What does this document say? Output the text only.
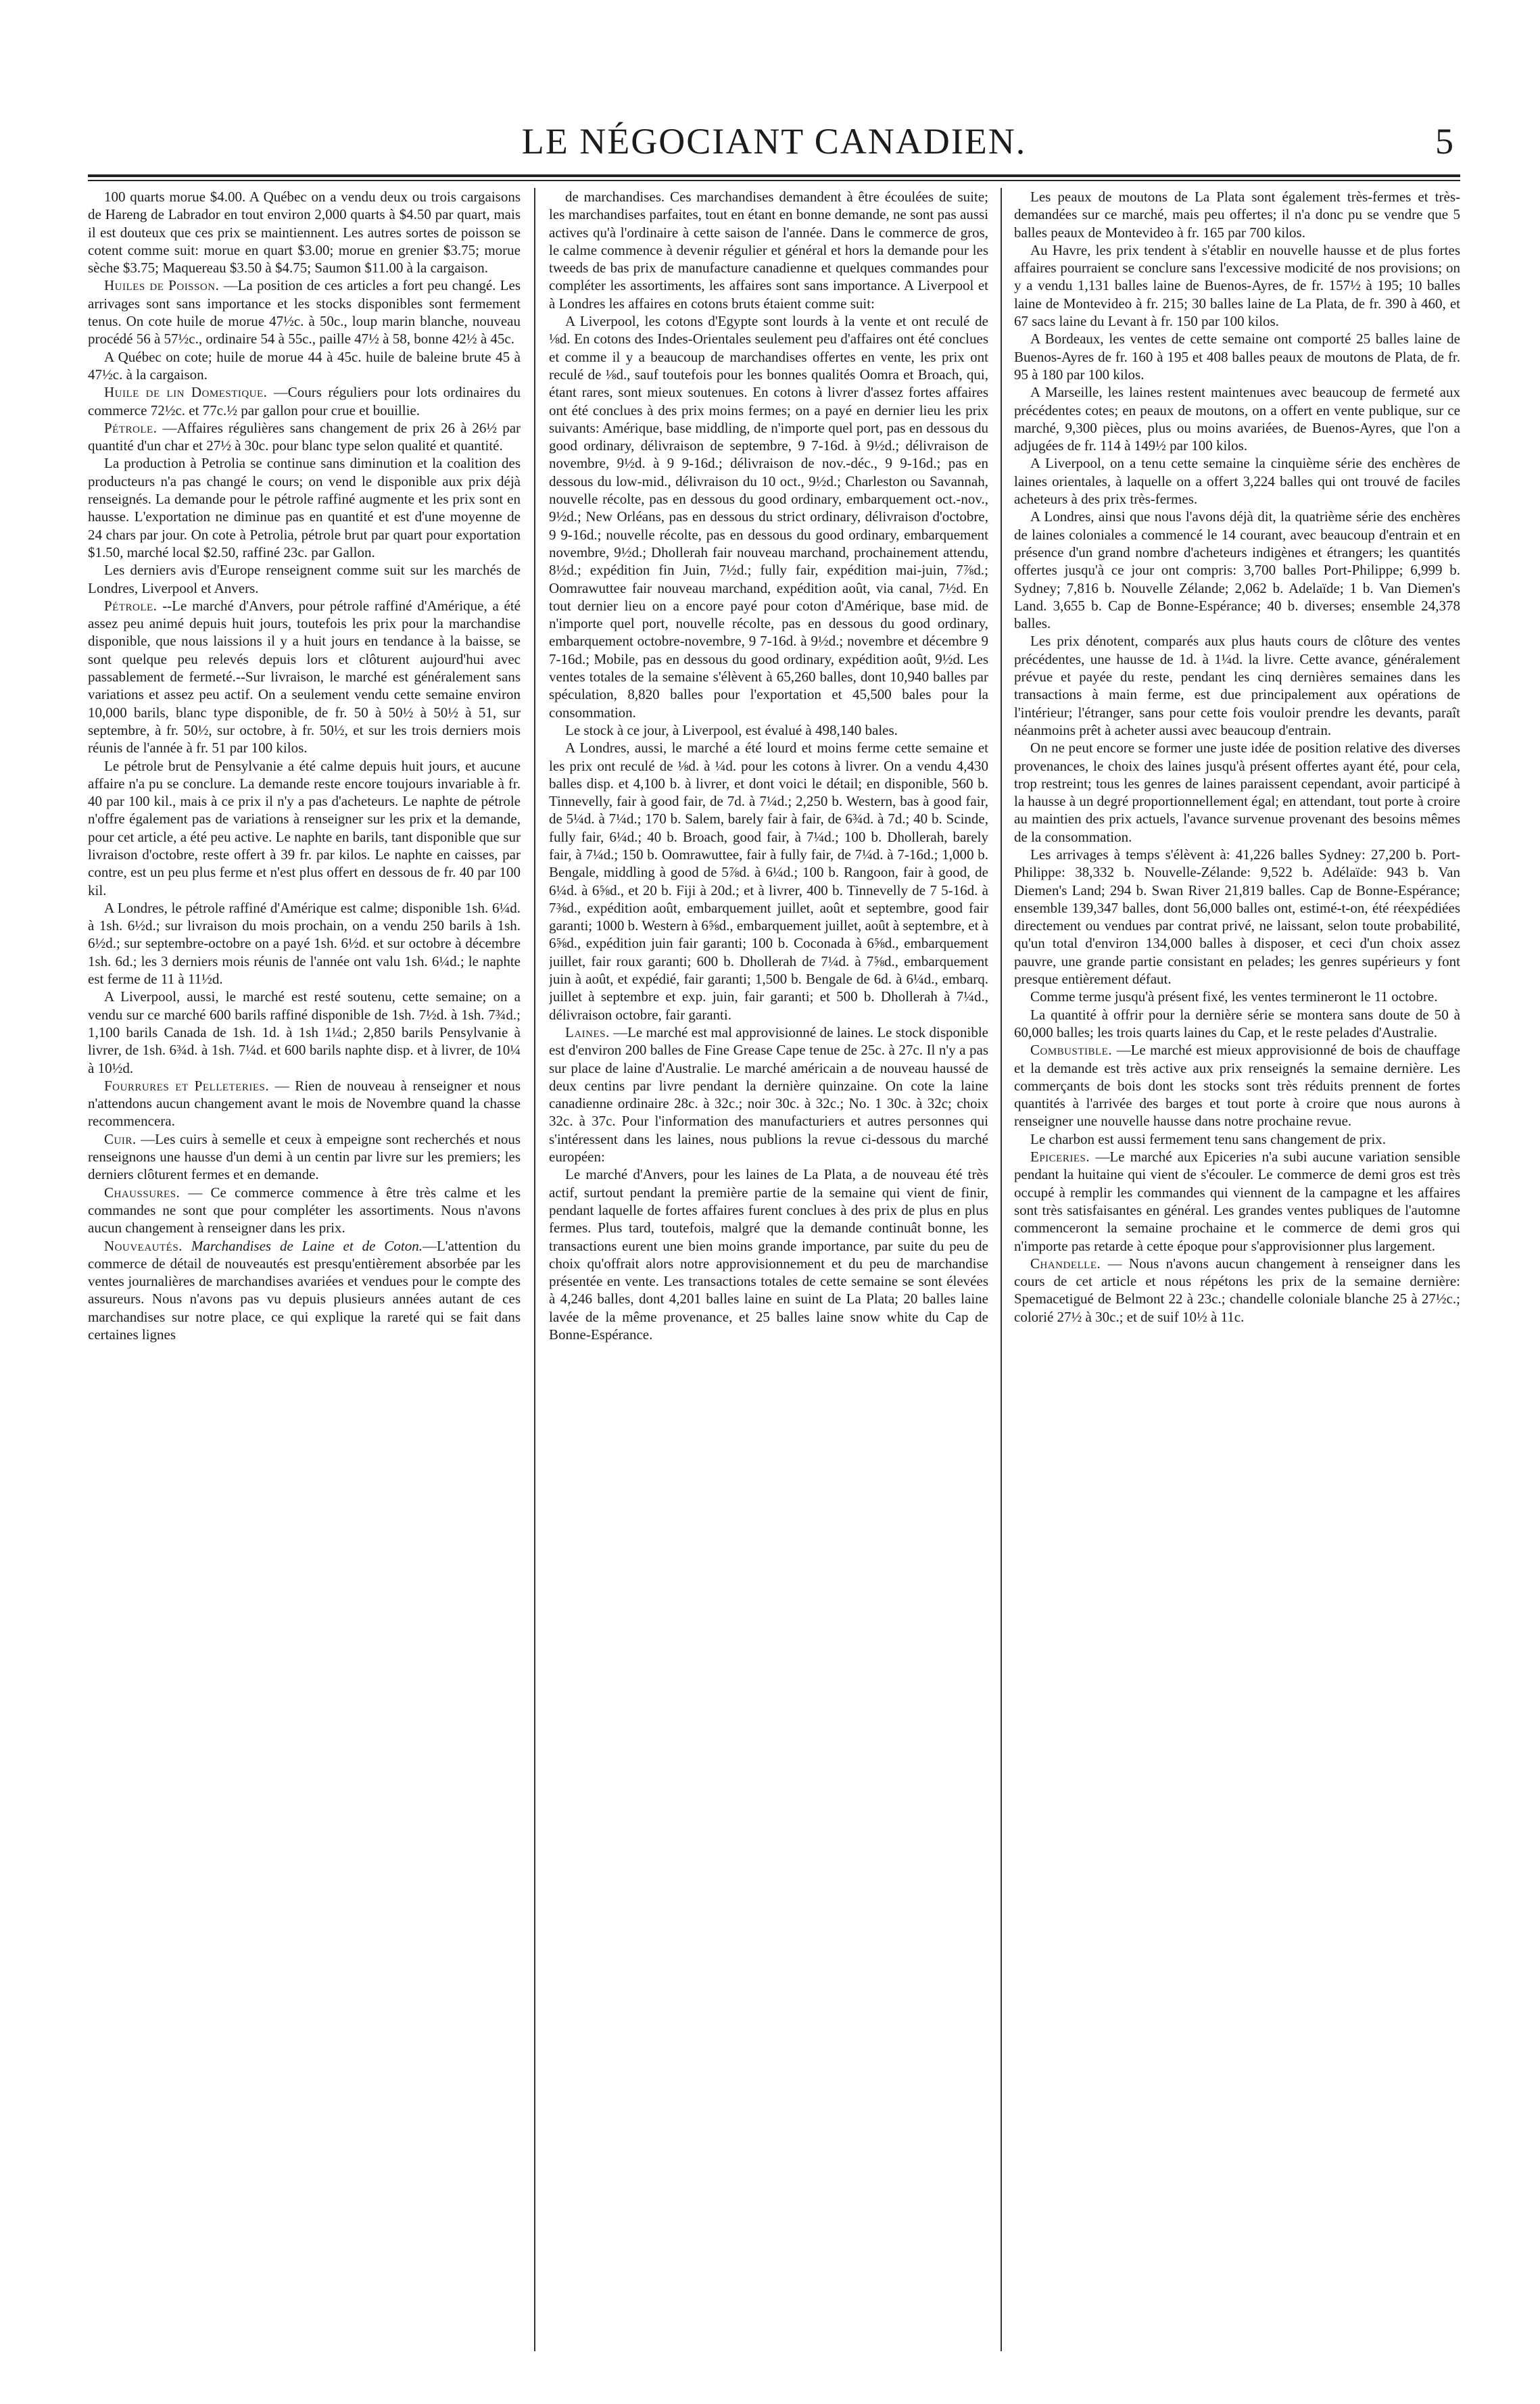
LE NÉGOCIANT CANADIEN.	5

100 quarts morue $4.00. A Québec on a vendu deux ou trois cargaisons de Hareng de Labrador en tout environ 2,000 quarts à $4.50 par quart, mais il est douteux que ces prix se maintiennent. Les autres sortes de poisson se cotent comme suit: morue en quart $3.00; morue en grenier $3.75; morue sèche $3.75; Maquereau $3.50 à $4.75; Saumon $11.00 à la cargaison.

Huiles de Poisson. —La position de ces articles a fort peu changé. Les arrivages sont sans importance et les stocks disponibles sont fermement tenus. On cote huile de morue 47½c. à 50c., loup marin blanche, nouveau procédé 56 à 57½c., ordinaire 54 à 55c., paille 47½ à 58, bonne 42½ à 45c.

A Québec on cote; huile de morue 44 à 45c. huile de baleine brute 45 à 47½c. à la cargaison.

Huile de lin Domestique. —Cours réguliers pour lots ordinaires du commerce 72½c. et 77c.½ par gallon pour crue et bouillie.

Pétrole. —Affaires régulières sans changement de prix 26 à 26½ par quantité d'un char et 27½ à 30c. pour blanc type selon qualité et quantité.

La production à Petrolia se continue sans diminution et la coalition des producteurs n'a pas changé le cours; on vend le disponible aux prix déjà renseignés. La demande pour le pétrole raffiné augmente et les prix sont en hausse. L'exportation ne diminue pas en quantité et est d'une moyenne de 24 chars par jour. On cote à Petrolia, pétrole brut par quart pour exportation $1.50, marché local $2.50, raffiné 23c. par Gallon.

Les derniers avis d'Europe renseignent comme suit sur les marchés de Londres, Liverpool et Anvers.

Pétrole. --Le marché d'Anvers, pour pétrole raffiné d'Amérique, a été assez peu animé depuis huit jours, toutefois les prix pour la marchandise disponible, que nous laissions il y a huit jours en tendance à la baisse, se sont quelque peu relevés depuis lors et clôturent aujourd'hui avec passablement de fermeté.--Sur livraison, le marché est généralement sans variations et assez peu actif. On a seulement vendu cette semaine environ 10,000 barils, blanc type disponible, de fr. 50 à 50½ à 50½ à 51, sur septembre, à fr. 50½, sur octobre, à fr. 50½, et sur les trois derniers mois réunis de l'année à fr. 51 par 100 kilos.

Le pétrole brut de Pensylvanie a été calme depuis huit jours, et aucune affaire n'a pu se conclure. La demande reste encore toujours invariable à fr. 40 par 100 kil., mais à ce prix il n'y a pas d'acheteurs. Le naphte de pétrole n'offre également pas de variations à renseigner sur les prix et la demande, pour cet article, a été peu active. Le naphte en barils, tant disponible que sur livraison d'octobre, reste offert à 39 fr. par kilos. Le naphte en caisses, par contre, est un peu plus ferme et n'est plus offert en dessous de fr. 40 par 100 kil.

A Londres, le pétrole raffiné d'Amérique est calme; disponible 1sh. 6¼d. à 1sh. 6½d.; sur livraison du mois prochain, on a vendu 250 barils à 1sh. 6½d.; sur septembre-octobre on a payé 1sh. 6½d. et sur octobre à décembre 1sh. 6d.; les 3 derniers mois réunis de l'année ont valu 1sh. 6¼d.; le naphte est ferme de 11 à 11½d.

A Liverpool, aussi, le marché est resté soutenu, cette semaine; on a vendu sur ce marché 600 barils raffiné disponible de 1sh. 7½d. à 1sh. 7¾d.; 1,100 barils Canada de 1sh. 1d. à 1sh 1¼d.; 2,850 barils Pensylvanie à livrer, de 1sh. 6¾d. à 1sh. 7¼d. et 600 barils naphte disp. et à livrer, de 10¼ à 10½d.

Fourrures et Pelleteries. — Rien de nouveau à renseigner et nous n'attendons aucun changement avant le mois de Novembre quand la chasse recommencera.

Cuir. —Les cuirs à semelle et ceux à empeigne sont recherchés et nous renseignons une hausse d'un demi à un centin par livre sur les premiers; les derniers clôturent fermes et en demande.

Chaussures. — Ce commerce commence à être très calme et les commandes ne sont que pour compléter les assortiments. Nous n'avons aucun changement à renseigner dans les prix.

Nouveautés. Marchandises de Laine et de Coton.—L'attention du commerce de détail de nouveautés est presqu'entièrement absorbée par les ventes journalières de marchandises avariées et vendues pour le compte des assureurs. Nous n'avons pas vu depuis plusieurs années autant de ces marchandises sur notre place, ce qui explique la rareté qui se fait dans certaines lignes

de marchandises. Ces marchandises demandent à être écoulées de suite; les marchandises parfaites, tout en étant en bonne demande, ne sont pas aussi actives qu'à l'ordinaire à cette saison de l'année. Dans le commerce de gros, le calme commence à devenir régulier et général et hors la demande pour les tweeds de bas prix de manufacture canadienne et quelques commandes pour compléter les assortiments, les affaires sont sans importance. A Liverpool et à Londres les affaires en cotons bruts étaient comme suit:

A Liverpool, les cotons d'Egypte sont lourds à la vente et ont reculé de ⅛d. En cotons des Indes-Orientales seulement peu d'affaires ont été conclues et comme il y a beaucoup de marchandises offertes en vente, les prix ont reculé de ⅛d., sauf toutefois pour les bonnes qualités Oomra et Broach, qui, étant rares, sont mieux soutenues. En cotons à livrer d'assez fortes affaires ont été conclues à des prix moins fermes; on a payé en dernier lieu les prix suivants: Amérique, base middling, de n'importe quel port, pas en dessous du good ordinary, délivraison de septembre, 9 7-16d. à 9½d.; délivraison de novembre, 9½d. à 9 9-16d.; délivraison de nov.-déc., 9 9-16d.; pas en dessous du low-mid., délivraison du 10 oct., 9½d.; Charleston ou Savannah, nouvelle récolte, pas en dessous du good ordinary, embarquement oct.-nov., 9½d.; New Orléans, pas en dessous du strict ordinary, délivraison d'octobre, 9 9-16d.; nouvelle récolte, pas en dessous du good ordinary, embarquement novembre, 9½d.; Dhollerah fair nouveau marchand, prochainement attendu, 8½d.; expédition fin Juin, 7½d.; fully fair, expédition mai-juin, 7⅞d.; Oomrawuttee fair nouveau marchand, expédition août, via canal, 7½d. En tout dernier lieu on a encore payé pour coton d'Amérique, base mid. de n'importe quel port, nouvelle récolte, pas en dessous du good ordinary, embarquement octobre-novembre, 9 7-16d. à 9½d.; novembre et décembre 9 7-16d.; Mobile, pas en dessous du good ordinary, expédition août, 9½d. Les ventes totales de la semaine s'élèvent à 65,260 balles, dont 10,940 balles par spéculation, 8,820 balles pour l'exportation et 45,500 bales pour la consommation.

Le stock à ce jour, à Liverpool, est évalué à 498,140 bales.

A Londres, aussi, le marché a été lourd et moins ferme cette semaine et les prix ont reculé de ⅛d. à ¼d. pour les cotons à livrer. On a vendu 4,430 balles disp. et 4,100 b. à livrer, et dont voici le détail; en disponible, 560 b. Tinnevelly, fair à good fair, de 7d. à 7¼d.; 2,250 b. Western, bas à good fair, de 5¼d. à 7¼d.; 170 b. Salem, barely fair à fair, de 6¾d. à 7d.; 40 b. Scinde, fully fair, 6¼d.; 40 b. Broach, good fair, à 7¼d.; 100 b. Dhollerah, barely fair, à 7¼d.; 150 b. Oomrawuttee, fair à fully fair, de 7¼d. à 7-16d.; 1,000 b. Bengale, middling à good de 5⅞d. à 6¼d.; 100 b. Rangoon, fair à good, de 6¼d. à 6⅝d., et 20 b. Fiji à 20d.; et à livrer, 400 b. Tinnevelly de 7 5-16d. à 7⅜d., expédition août, embarquement juillet, août et septembre, good fair garanti; 1000 b. Western à 6⅝d., embarquement juillet, août à septembre, et à 6⅝d., expédition juin fair garanti; 100 b. Coconada à 6⅝d., embarquement juillet, fair roux garanti; 600 b. Dhollerah de 7¼d. à 7⅝d., embarquement juin à août, et expédié, fair garanti; 1,500 b. Bengale de 6d. à 6¼d., embarq. juillet à septembre et exp. juin, fair garanti; et 500 b. Dhollerah à 7¼d., délivraison octobre, fair garanti.

Laines. —Le marché est mal approvisionné de laines. Le stock disponible est d'environ 200 balles de Fine Grease Cape tenue de 25c. à 27c. Il n'y a pas sur place de laine d'Australie. Le marché américain a de nouveau haussé de deux centins par livre pendant la dernière quinzaine. On cote la laine canadienne ordinaire 28c. à 32c.; noir 30c. à 32c.; No. 1 30c. à 32c; choix 32c. à 37c. Pour l'information des manufacturiers et autres personnes qui s'intéressent dans les laines, nous publions la revue ci-dessous du marché européen:

Le marché d'Anvers, pour les laines de La Plata, a de nouveau été très actif, surtout pendant la première partie de la semaine qui vient de finir, pendant laquelle de fortes affaires furent conclues à des prix de plus en plus fermes. Plus tard, toutefois, malgré que la demande continuât bonne, les transactions eurent une bien moins grande importance, par suite du peu de choix qu'offrait alors notre approvisionnement et du peu de marchandise présentée en vente. Les transactions totales de cette semaine se sont élevées à 4,246 balles, dont 4,201 balles laine en suint de La Plata; 20 balles laine lavée de la même provenance, et 25 balles laine snow white du Cap de Bonne-Espérance.

Les peaux de moutons de La Plata sont également très-fermes et très-demandées sur ce marché, mais peu offertes; il n'a donc pu se vendre que 5 balles peaux de Montevideo à fr. 165 par 700 kilos.

Au Havre, les prix tendent à s'établir en nouvelle hausse et de plus fortes affaires pourraient se conclure sans l'excessive modicité de nos provisions; on y a vendu 1,131 balles laine de Buenos-Ayres, de fr. 157½ à 195; 10 balles laine de Montevideo à fr. 215; 30 balles laine de La Plata, de fr. 390 à 460, et 67 sacs laine du Levant à fr. 150 par 100 kilos.

A Bordeaux, les ventes de cette semaine ont comporté 25 balles laine de Buenos-Ayres de fr. 160 à 195 et 408 balles peaux de moutons de Plata, de fr. 95 à 180 par 100 kilos.

A Marseille, les laines restent maintenues avec beaucoup de fermeté aux précédentes cotes; en peaux de moutons, on a offert en vente publique, sur ce marché, 9,300 pièces, plus ou moins avariées, de Buenos-Ayres, que l'on a adjugées de fr. 114 à 149½ par 100 kilos.

A Liverpool, on a tenu cette semaine la cinquième série des enchères de laines orientales, à laquelle on a offert 3,224 balles qui ont trouvé de faciles acheteurs à des prix très-fermes.

A Londres, ainsi que nous l'avons déjà dit, la quatrième série des enchères de laines coloniales a commencé le 14 courant, avec beaucoup d'entrain et en présence d'un grand nombre d'acheteurs indigènes et étrangers; les quantités offertes jusqu'à ce jour ont compris: 3,700 balles Port-Philippe; 6,999 b. Sydney; 7,816 b. Nouvelle Zélande; 2,062 b. Adelaïde; 1 b. Van Diemen's Land. 3,655 b. Cap de Bonne-Espérance; 40 b. diverses; ensemble 24,378 balles.

Les prix dénotent, comparés aux plus hauts cours de clôture des ventes précédentes, une hausse de 1d. à 1¼d. la livre. Cette avance, généralement prévue et payée du reste, pendant les cinq dernières semaines dans les transactions à main ferme, est due principalement aux opérations de l'intérieur; l'étranger, sans pour cette fois vouloir prendre les devants, paraît néanmoins prêt à acheter aussi avec beaucoup d'entrain.

On ne peut encore se former une juste idée de position relative des diverses provenances, le choix des laines jusqu'à présent offertes ayant été, pour cela, trop restreint; tous les genres de laines paraissent cependant, avoir participé à la hausse à un degré proportionnellement égal; en attendant, tout porte à croire au maintien des prix actuels, l'avance survenue provenant des besoins mêmes de la consommation.

Les arrivages à temps s'élèvent à: 41,226 balles Sydney: 27,200 b. Port-Philippe: 38,332 b. Nouvelle-Zélande: 9,522 b. Adélaïde: 943 b. Van Diemen's Land; 294 b. Swan River 21,819 balles. Cap de Bonne-Espérance; ensemble 139,347 balles, dont 56,000 balles ont, estimé-t-on, été réexpédiées directement ou vendues par contrat privé, ne laissant, selon toute probabilité, qu'un total d'environ 134,000 balles à disposer, et ceci d'un choix assez pauvre, une grande partie consistant en pelades; les genres supérieurs y font presque entièrement défaut.

Comme terme jusqu'à présent fixé, les ventes termineront le 11 octobre.

La quantité à offrir pour la dernière série se montera sans doute de 50 à 60,000 balles; les trois quarts laines du Cap, et le reste pelades d'Australie.

Combustible. —Le marché est mieux approvisionné de bois de chauffage et la demande est très active aux prix renseignés la semaine dernière. Les commerçants de bois dont les stocks sont très réduits prennent de fortes quantités à l'arrivée des barges et tout porte à croire que nous aurons à renseigner une nouvelle hausse dans notre prochaine revue.

Le charbon est aussi fermement tenu sans changement de prix.

Epiceries. —Le marché aux Epiceries n'a subi aucune variation sensible pendant la huitaine qui vient de s'écouler. Le commerce de demi gros est très occupé à remplir les commandes qui viennent de la campagne et les affaires sont très satisfaisantes en général. Les grandes ventes publiques de l'automne commenceront la semaine prochaine et le commerce de demi gros qui n'importe pas retarde à cette époque pour s'approvisionner plus largement.

Chandelle. — Nous n'avons aucun changement à renseigner dans les cours de cet article et nous répétons les prix de la semaine dernière: Spemacetigué de Belmont 22 à 23c.; chandelle coloniale blanche 25 à 27½c.; colorié 27½ à 30c.; et de suif 10½ à 11c.
